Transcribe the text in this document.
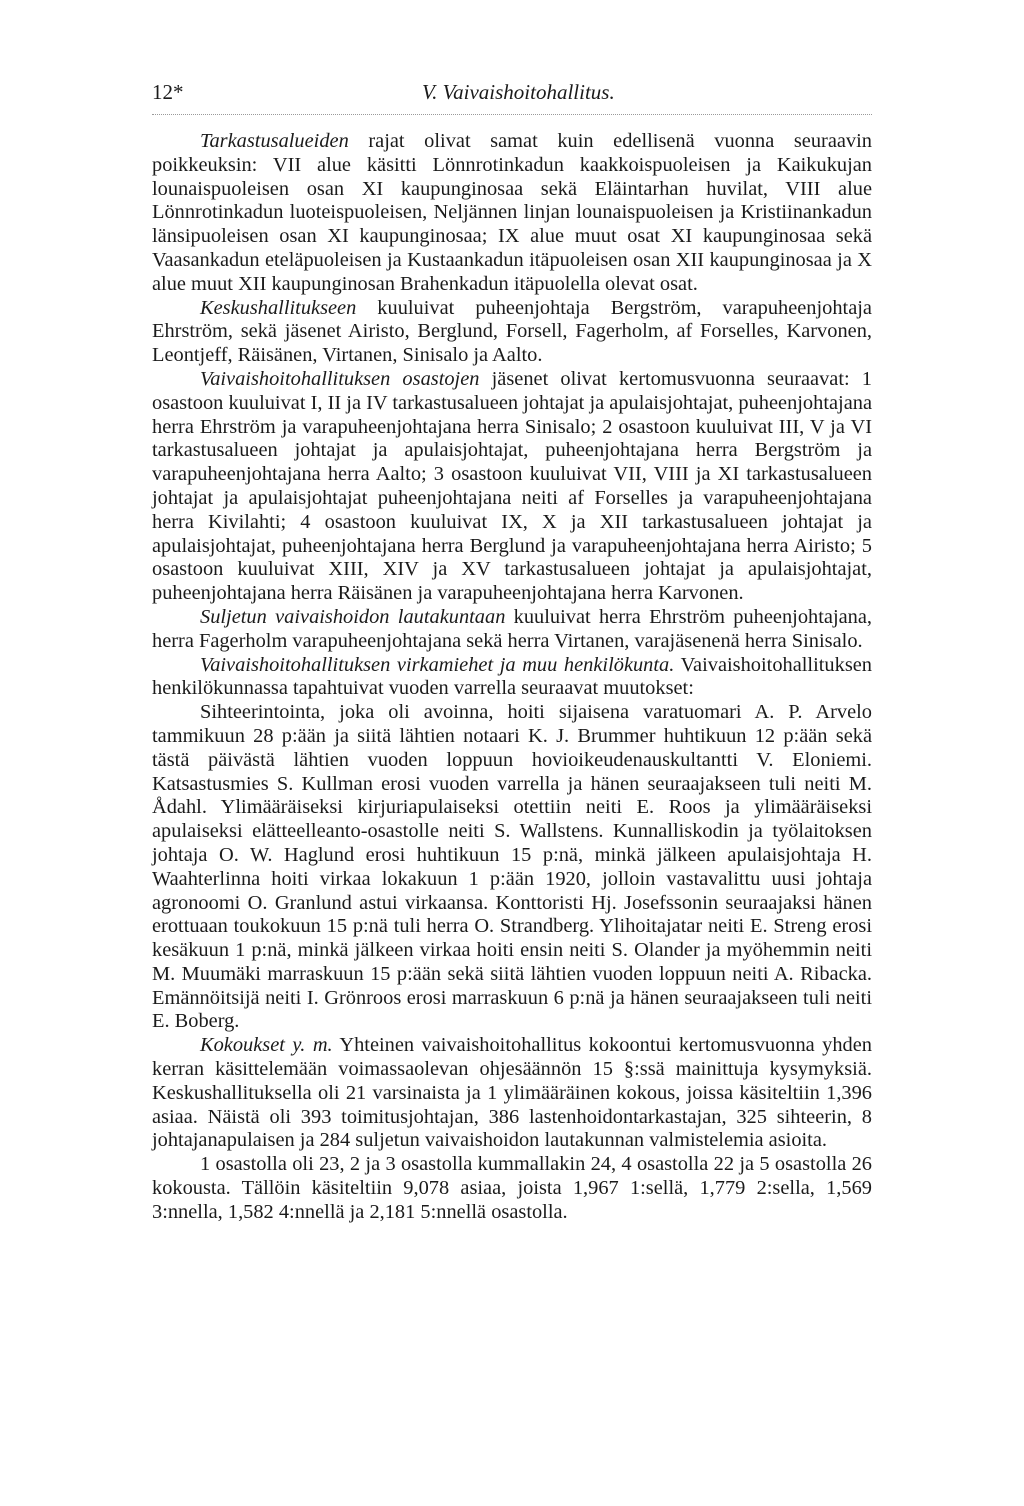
12*	V. Vaivaishoitohallitus.

Tarkastusalueiden rajat olivat samat kuin edellisenä vuonna seuraavin poikkeuksin: VII alue käsitti Lönnrotinkadun kaakkoispuoleisen ja Kaikukujan lounaispuoleisen osan XI kaupunginosaa sekä Eläintarhan huvilat, VIII alue Lönnrotinkadun luoteispuoleisen, Neljännen linjan lounaispuoleisen ja Kristiinankadun länsipuoleisen osan XI kaupunginosaa; IX alue muut osat XI kaupunginosaa sekä Vaasankadun eteläpuoleisen ja Kustaankadun itäpuoleisen osan XII kaupunginosaa ja X alue muut XII kaupunginosan Brahenkadun itäpuolella olevat osat.

Keskushallitukseen kuuluivat puheenjohtaja Bergström, varapuheenjohtaja Ehrström, sekä jäsenet Airisto, Berglund, Forsell, Fagerholm, af Forselles, Karvonen, Leontjeff, Räisänen, Virtanen, Sinisalo ja Aalto.

Vaivaishoitohallituksen osastojen jäsenet olivat kertomusvuonna seuraavat: 1 osastoon kuuluivat I, II ja IV tarkastusalueen johtajat ja apulaisjohtajat, puheenjohtajana herra Ehrström ja varapuheenjohtajana herra Sinisalo; 2 osastoon kuuluivat III, V ja VI tarkastusalueen johtajat ja apulaisjohtajat, puheenjohtajana herra Bergström ja varapuheenjohtajana herra Aalto; 3 osastoon kuuluivat VII, VIII ja XI tarkastusalueen johtajat ja apulaisjohtajat puheenjohtajana neiti af Forselles ja varapuheenjohtajana herra Kivilahti; 4 osastoon kuuluivat IX, X ja XII tarkastusalueen johtajat ja apulaisjohtajat, puheenjohtajana herra Berglund ja varapuheenjohtajana herra Airisto; 5 osastoon kuuluivat XIII, XIV ja XV tarkastusalueen johtajat ja apulaisjohtajat, puheenjohtajana herra Räisänen ja varapuheenjohtajana herra Karvonen.

Suljetun vaivaishoidon lautakuntaan kuuluivat herra Ehrström puheenjohtajana, herra Fagerholm varapuheenjohtajana sekä herra Virtanen, varajäsenenä herra Sinisalo.

Vaivaishoitohallituksen virkamiehet ja muu henkilökunta. Vaivaishoitohallituksen henkilökunnassa tapahtuivat vuoden varrella seuraavat muutokset:

Sihteerintointa, joka oli avoinna, hoiti sijaisena varatuomari A. P. Arvelo tammikuun 28 p:ään ja siitä lähtien notaari K. J. Brummer huhtikuun 12 p:ään sekä tästä päivästä lähtien vuoden loppuun hovioikeudenauskultantti V. Eloniemi. Katsastusmies S. Kullman erosi vuoden varrella ja hänen seuraajakseen tuli neiti M. Ådahl. Ylimääräiseksi kirjuriapulaiseksi otettiin neiti E. Roos ja ylimääräiseksi apulaiseksi elätteelleanto-osastolle neiti S. Wallstens. Kunnalliskodin ja työlaitoksen johtaja O. W. Haglund erosi huhtikuun 15 p:nä, minkä jälkeen apulaisjohtaja H. Waahterlinna hoiti virkaa lokakuun 1 p:ään 1920, jolloin vastavalittu uusi johtaja agronoomi O. Granlund astui virkaansa. Konttoristi Hj. Josefssonin seuraajaksi hänen erottuaan toukokuun 15 p:nä tuli herra O. Strandberg. Ylihoitajatar neiti E. Streng erosi kesäkuun 1 p:nä, minkä jälkeen virkaa hoiti ensin neiti S. Olander ja myöhemmin neiti M. Muumäki marraskuun 15 p:ään sekä siitä lähtien vuoden loppuun neiti A. Ribacka. Emännöitsijä neiti I. Grönroos erosi marraskuun 6 p:nä ja hänen seuraajakseen tuli neiti E. Boberg.

Kokoukset y. m. Yhteinen vaivaishoitohallitus kokoontui kertomusvuonna yhden kerran käsittelemään voimassaolevan ohjesäännön 15 §:ssä mainittuja kysymyksiä. Keskushallituksella oli 21 varsinaista ja 1 ylimääräinen kokous, joissa käsiteltiin 1,396 asiaa. Näistä oli 393 toimitusjohtajan, 386 lastenhoidontarkastajan, 325 sihteerin, 8 johtajanapulaisen ja 284 suljetun vaivaishoidon lautakunnan valmistelemia asioita.

1 osastolla oli 23, 2 ja 3 osastolla kummallakin 24, 4 osastolla 22 ja 5 osastolla 26 kokousta. Tällöin käsiteltiin 9,078 asiaa, joista 1,967 1:sellä, 1,779 2:sella, 1,569 3:nnella, 1,582 4:nnellä ja 2,181 5:nnellä osastolla.
